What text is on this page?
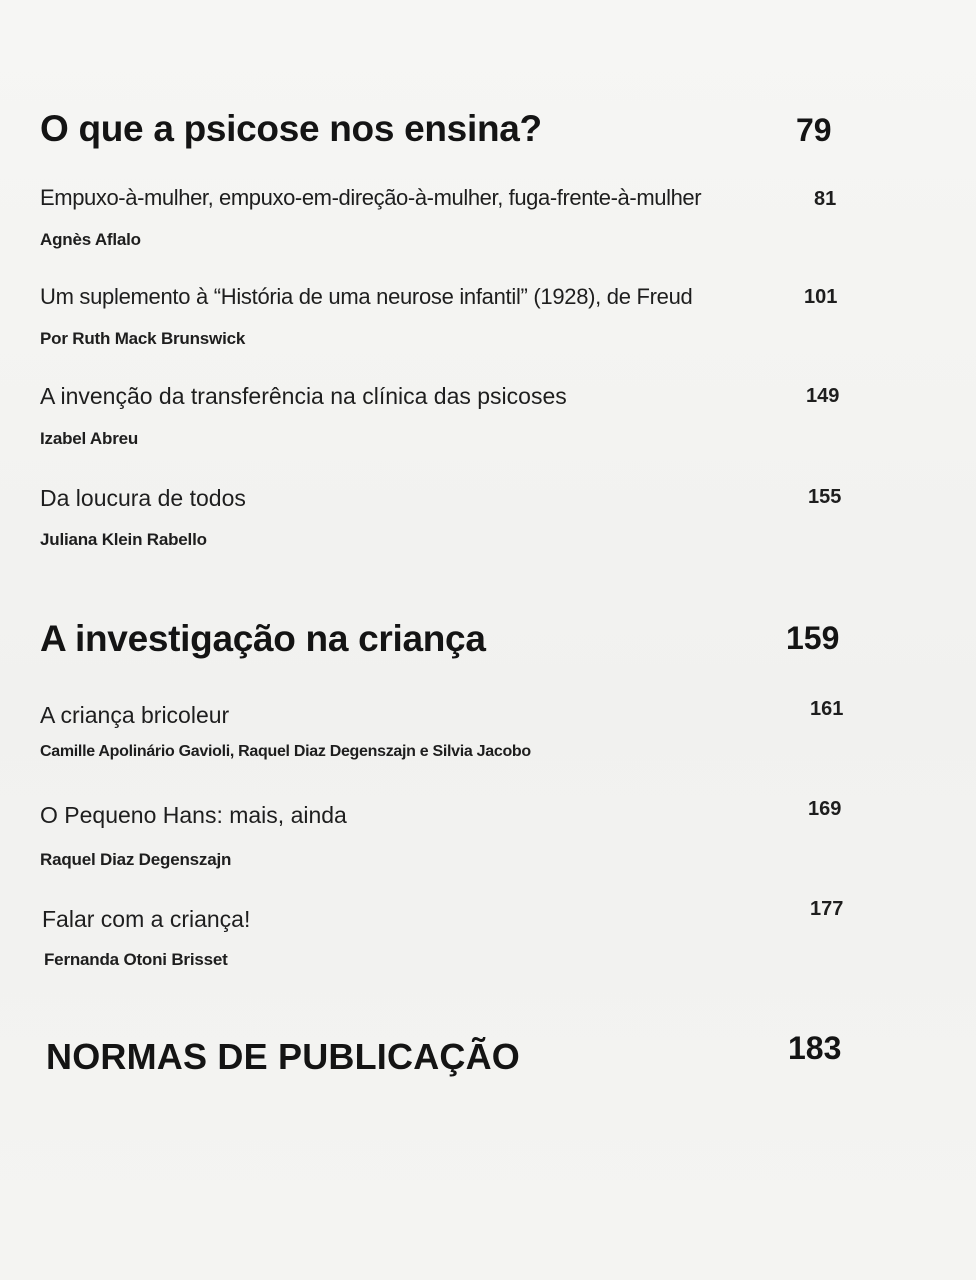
O que a psicose nos ensina?	79
Empuxo-à-mulher, empuxo-em-direção-à-mulher, fuga-frente-à-mulher	81
Agnès Aflalo
Um suplemento à “História de uma neurose infantil” (1928), de Freud	101
Por Ruth Mack Brunswick
A invenção da transferência na clínica das psicoses	149
Izabel Abreu
Da loucura de todos	155
Juliana Klein Rabello
A investigação na criança	159
A criança bricoleur	161
Camille Apolinário Gavioli, Raquel Diaz Degenszajn e Silvia Jacobo
O Pequeno Hans: mais, ainda	169
Raquel Diaz Degenszajn
Falar com a criança!	177
Fernanda Otoni Brisset
NORMAS DE PUBLICAÇÃO	183
